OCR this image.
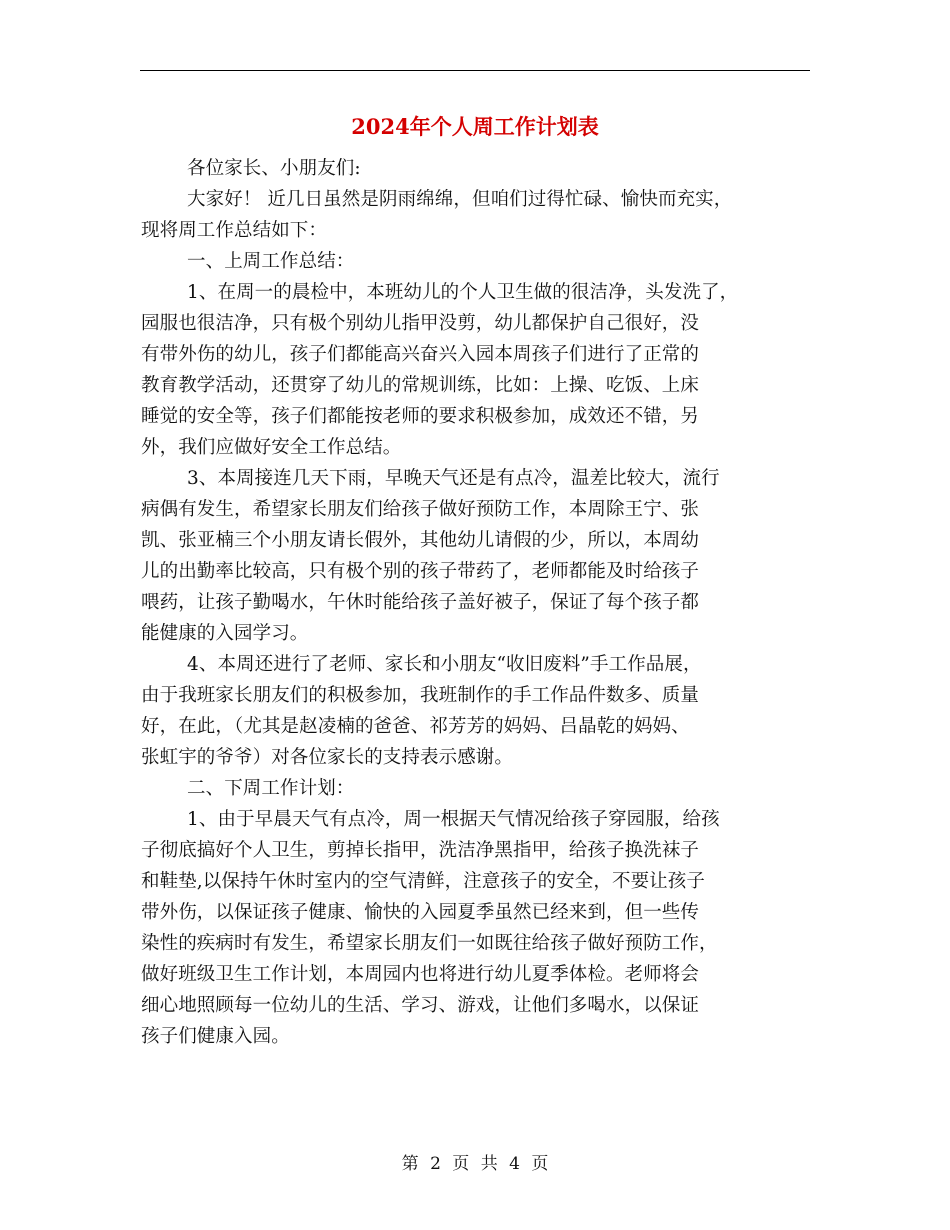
2024年个人周工作计划表
各位家长、小朋友们:
大家好！ 近几日虽然是阴雨绵绵，但咱们过得忙碌、愉快而充实，
现将周工作总结如下：
一、上周工作总结：
1、在周一的晨检中，本班幼儿的个人卫生做的很洁净，头发洗了，
园服也很洁净，只有极个别幼儿指甲没剪，幼儿都保护自己很好，没
有带外伤的幼儿，孩子们都能高兴奋兴入园本周孩子们进行了正常的
教育教学活动，还贯穿了幼儿的常规训练，比如：上操、吃饭、上床
睡觉的安全等，孩子们都能按老师的要求积极参加，成效还不错，另
外，我们应做好安全工作总结。
3、本周接连几天下雨，早晚天气还是有点冷，温差比较大，流行
病偶有发生，希望家长朋友们给孩子做好预防工作，本周除王宁、张
凯、张亚楠三个小朋友请长假外，其他幼儿请假的少，所以，本周幼
儿的出勤率比较高，只有极个别的孩子带药了，老师都能及时给孩子
喂药，让孩子勤喝水，午休时能给孩子盖好被子，保证了每个孩子都
能健康的入园学习。
4、本周还进行了老师、家长和小朋友“收旧废料”手工作品展，
由于我班家长朋友们的积极参加，我班制作的手工作品件数多、质量
好，在此，（尤其是赵凌楠的爸爸、祁芳芳的妈妈、吕晶乾的妈妈、
张虹宇的爷爷）对各位家长的支持表示感谢。
二、下周工作计划：
1、由于早晨天气有点冷，周一根据天气情况给孩子穿园服，给孩
子彻底搞好个人卫生，剪掉长指甲，洗洁净黑指甲，给孩子换洗袜子
和鞋垫,以保持午休时室内的空气清鲜，注意孩子的安全，不要让孩子
带外伤，以保证孩子健康、愉快的入园夏季虽然已经来到，但一些传
染性的疾病时有发生，希望家长朋友们一如既往给孩子做好预防工作，
做好班级卫生工作计划，本周园内也将进行幼儿夏季体检。老师将会
细心地照顾每一位幼儿的生活、学习、游戏，让他们多喝水，以保证
孩子们健康入园。
第 2 页 共 4 页
